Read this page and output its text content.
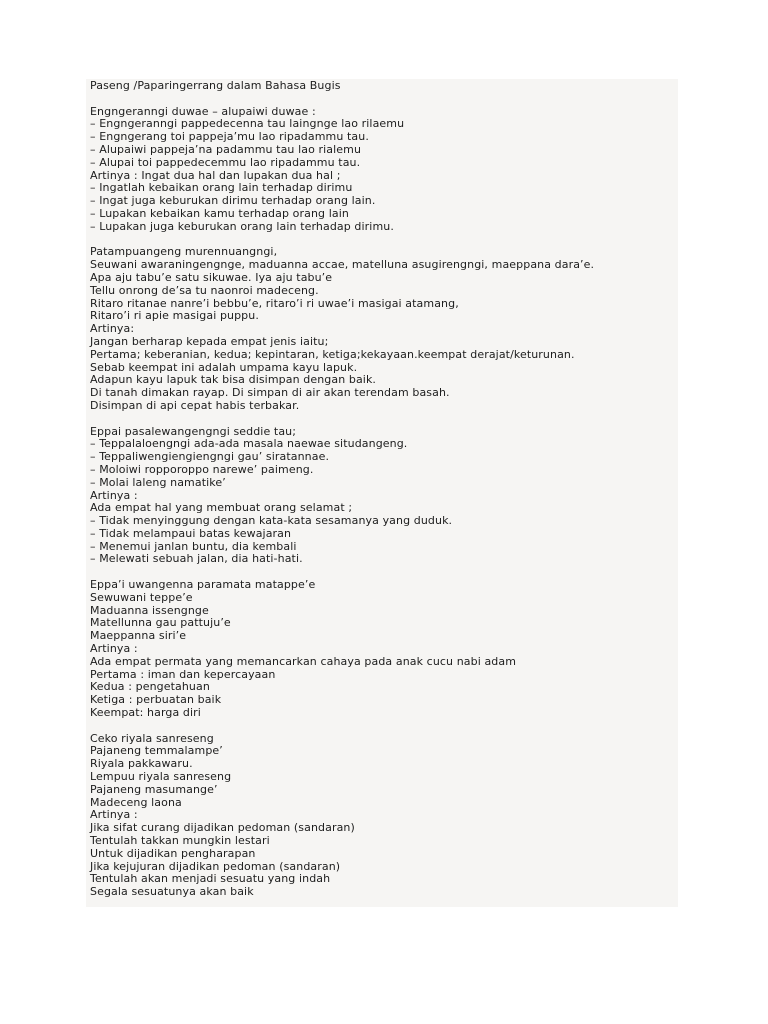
Paseng /Paparingerrang dalam Bahasa Bugis
Engngeranngi duwae – alupaiwi duwae :
– Engngeranngi pappedecenna tau laingnge lao rilaemu
– Engngerang toi pappeja’mu lao ripadammu tau.
– Alupaiwi pappeja’na padammu tau lao rialemu
– Alupai toi pappedecemmu lao ripadammu tau.
Artinya : Ingat dua hal dan lupakan dua hal ;
– Ingatlah kebaikan orang lain terhadap dirimu
– Ingat juga keburukan dirimu terhadap orang lain.
– Lupakan kebaikan kamu terhadap orang lain
– Lupakan juga keburukan orang lain terhadap dirimu.
Patampuangeng murennuangngi,
Seuwani awaraningengnge, maduanna accae, matelluna asugirengngi, maeppana dara’e.
Apa aju tabu’e satu sikuwae. Iya aju tabu’e
Tellu onrong de’sa tu naonroi madeceng.
Ritaro ritanae nanre’i bebbu’e, ritaro’i ri uwae’i masigai atamang,
Ritaro’i ri apie masigai puppu.
Artinya:
Jangan berharap kepada empat jenis iaitu;
Pertama; keberanian, kedua; kepintaran, ketiga;kekayaan.keempat derajat/keturunan.
Sebab keempat ini adalah umpama kayu lapuk.
Adapun kayu lapuk tak bisa disimpan dengan baik.
Di tanah dimakan rayap. Di simpan di air akan terendam basah.
Disimpan di api cepat habis terbakar.
Eppai pasalewangengngi seddie tau;
– Teppalaloengngi ada-ada masala naewae situdangeng.
– Teppaliwengiengiengngi gau’ siratannae.
– Moloiwi ropporoppo narewe’ paimeng.
– Molai laleng namatike’
Artinya :
Ada empat hal yang membuat orang selamat ;
– Tidak menyinggung dengan kata-kata sesamanya yang duduk.
– Tidak melampaui batas kewajaran
– Menemui janlan buntu, dia kembali
– Melewati sebuah jalan, dia hati-hati.
Eppa’i uwangenna paramata matappe’e
Sewuwani teppe’e
Maduanna issengnge
Matellunna gau pattuju’e
Maeppanna siri’e
Artinya :
Ada empat permata yang memancarkan cahaya pada anak cucu nabi adam
Pertama : iman dan kepercayaan
Kedua : pengetahuan
Ketiga : perbuatan baik
Keempat: harga diri
Ceko riyala sanreseng
Pajaneng temmalampe’
Riyala pakkawaru.
Lempuu riyala sanreseng
Pajaneng masumange’
Madeceng laona
Artinya :
Jika sifat curang dijadikan pedoman (sandaran)
Tentulah takkan mungkin lestari
Untuk dijadikan pengharapan
Jika kejujuran dijadikan pedoman (sandaran)
Tentulah akan menjadi sesuatu yang indah
Segala sesuatunya akan baik
